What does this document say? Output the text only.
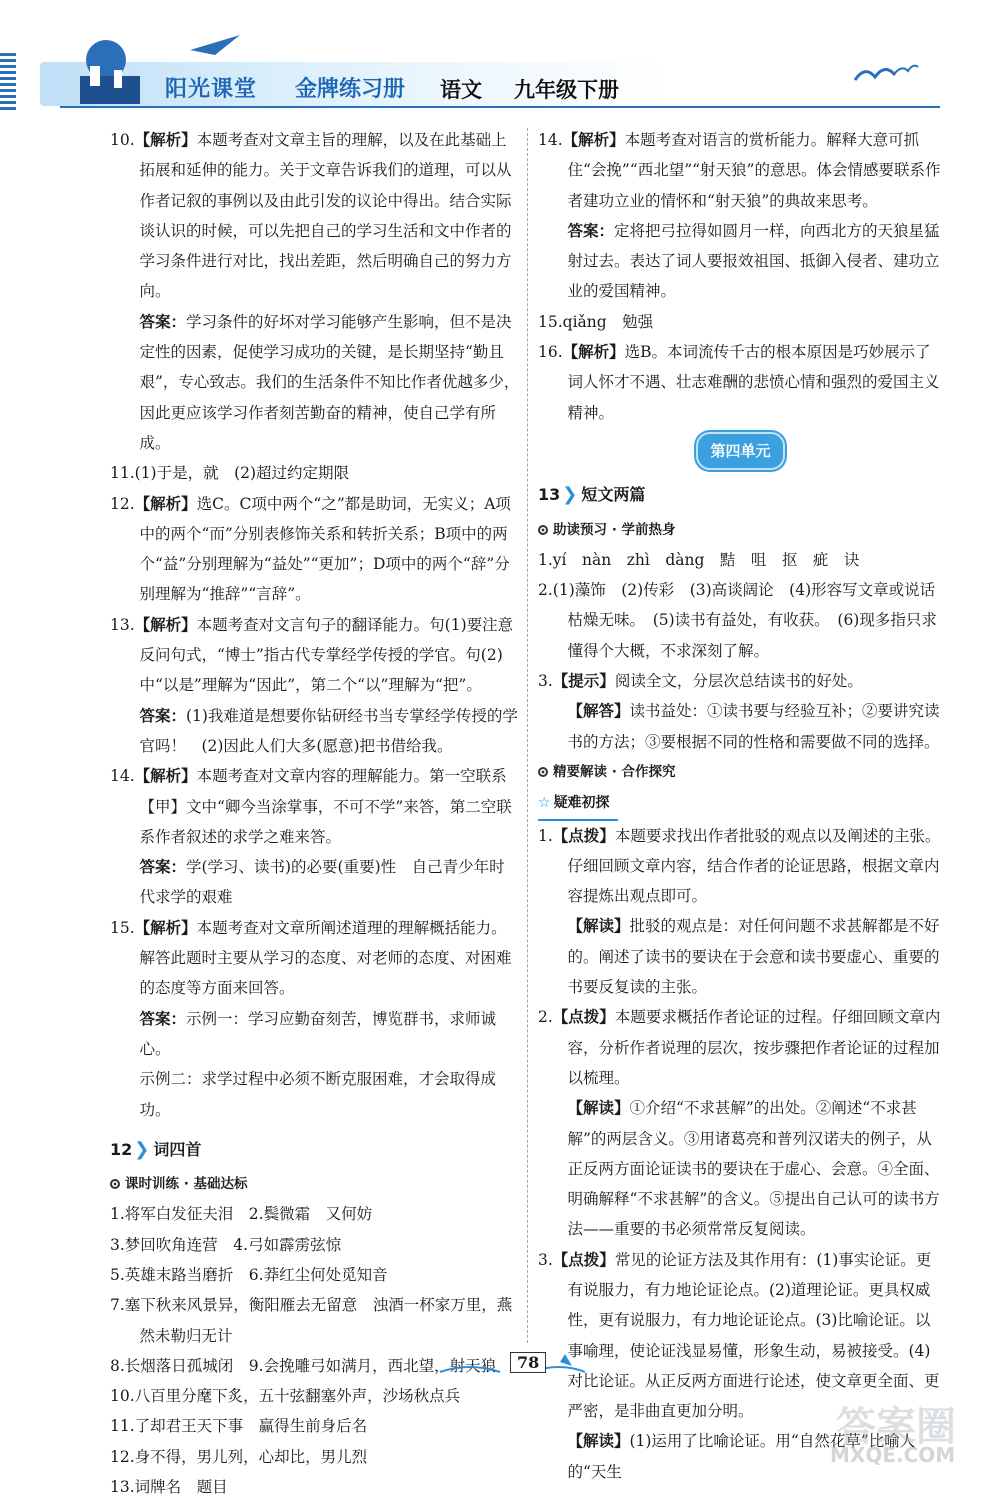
阳光课堂 金牌练习册 语文 九年级下册

10.【解析】本题考查对文章主旨的理解，以及在此基础上拓展和延伸的能力。关于文章告诉我们的道理，可以从作者记叙的事例以及由此引发的议论中得出。结合实际谈认识的时候，可以先把自己的学习生活和文中作者的学习条件进行对比，找出差距，然后明确自己的努力方向。

答案：学习条件的好坏对学习能够产生影响，但不是决定性的因素，促使学习成功的关键，是长期坚持“勤且艰”，专心致志。我们的生活条件不知比作者优越多少，因此更应该学习作者刻苦勤奋的精神，使自己学有所成。

11.(1)于是，就　(2)超过约定期限

12.【解析】选C。C项中两个“之”都是助词，无实义；A项中的两个“而”分别表修饰关系和转折关系；B项中的两个“益”分别理解为“益处”“更加”；D项中的两个“辞”分别理解为“推辞”“言辞”。

13.【解析】本题考查对文言句子的翻译能力。句(1)要注意反问句式，“博士”指古代专掌经学传授的学官。句(2)中“以是”理解为“因此”，第二个“以”理解为“把”。

答案：(1)我难道是想要你钻研经书当专掌经学传授的学官吗！　(2)因此人们大多(愿意)把书借给我。

14.【解析】本题考查对文章内容的理解能力。第一空联系【甲】文中“卿今当涂掌事，不可不学”来答，第二空联系作者叙述的求学之难来答。

答案：学(学习、读书)的必要(重要)性　自己青少年时代求学的艰难

15.【解析】本题考查对文章所阐述道理的理解概括能力。解答此题时主要从学习的态度、对老师的态度、对困难的态度等方面来回答。

答案：示例一：学习应勤奋刻苦，博览群书，求师诚心。

示例二：求学过程中必须不断克服困难，才会取得成功。

12 ❯ 词四首
课时训练 · 基础达标

1.将军白发征夫泪　2.鬓微霜　又何妨

3.梦回吹角连营　4.弓如霹雳弦惊

5.英雄末路当磨折　6.莽红尘何处觅知音

7.塞下秋来风景异，衡阳雁去无留意　浊酒一杯家万里，燕然未勒归无计

8.长烟落日孤城闭　9.会挽雕弓如满月，西北望，射天狼

10.八百里分麾下炙，五十弦翻塞外声，沙场秋点兵

11.了却君王天下事　赢得生前身后名

12.身不得，男儿列，心却比，男儿烈

13.词牌名　题目

14.【解析】本题考查对语言的赏析能力。解释大意可抓住“会挽”“西北望”“射天狼”的意思。体会情感要联系作者建功立业的情怀和“射天狼”的典故来思考。

答案：定将把弓拉得如圆月一样，向西北方的天狼星猛射过去。表达了词人要报效祖国、抵御入侵者、建功立业的爱国精神。

15.qiǎng　勉强

16.【解析】选B。本词流传千古的根本原因是巧妙展示了词人怀才不遇、壮志难酬的悲愤心情和强烈的爱国主义精神。

第四单元
13 ❯ 短文两篇
助读预习 · 学前热身

1.yí　nàn　zhì　dàng　黠　咀　抠　疵　诀

2.(1)藻饰　(2)传彩　(3)高谈阔论　(4)形容写文章或说话枯燥无味。　(5)读书有益处，有收获。　(6)现多指只求懂得个大概，不求深刻了解。

3.【提示】阅读全文，分层次总结读书的好处。

【解答】读书益处：①读书要与经验互补；②要讲究读书的方法；③要根据不同的性格和需要做不同的选择。

精要解读 · 合作探究
☆ 疑难初探

1.【点拨】本题要求找出作者批驳的观点以及阐述的主张。仔细回顾文章内容，结合作者的论证思路，根据文章内容提炼出观点即可。

【解读】批驳的观点是：对任何问题不求甚解都是不好的。阐述了读书的要诀在于会意和读书要虚心、重要的书要反复读的主张。

2.【点拨】本题要求概括作者论证的过程。仔细回顾文章内容，分析作者说理的层次，按步骤把作者论证的过程加以梳理。

【解读】①介绍“不求甚解”的出处。②阐述“不求甚解”的两层含义。③用诸葛亮和普列汉诺夫的例子，从正反两方面论证读书的要诀在于虚心、会意。④全面、明确解释“不求甚解”的含义。⑤提出自己认可的读书方法——重要的书必须常常反复阅读。

3.【点拨】常见的论证方法及其作用有：(1)事实论证。更有说服力，有力地论证论点。(2)道理论证。更具权威性，更有说服力，有力地论证论点。(3)比喻论证。以事喻理，使论证浅显易懂，形象生动，易被接受。(4)对比论证。从正反两方面进行论述，使文章更全面、更严密，是非曲直更加分明。

【解读】(1)运用了比喻论证。用“自然花草”比喻人的“天生

78
答案圈
MXQE.COM
